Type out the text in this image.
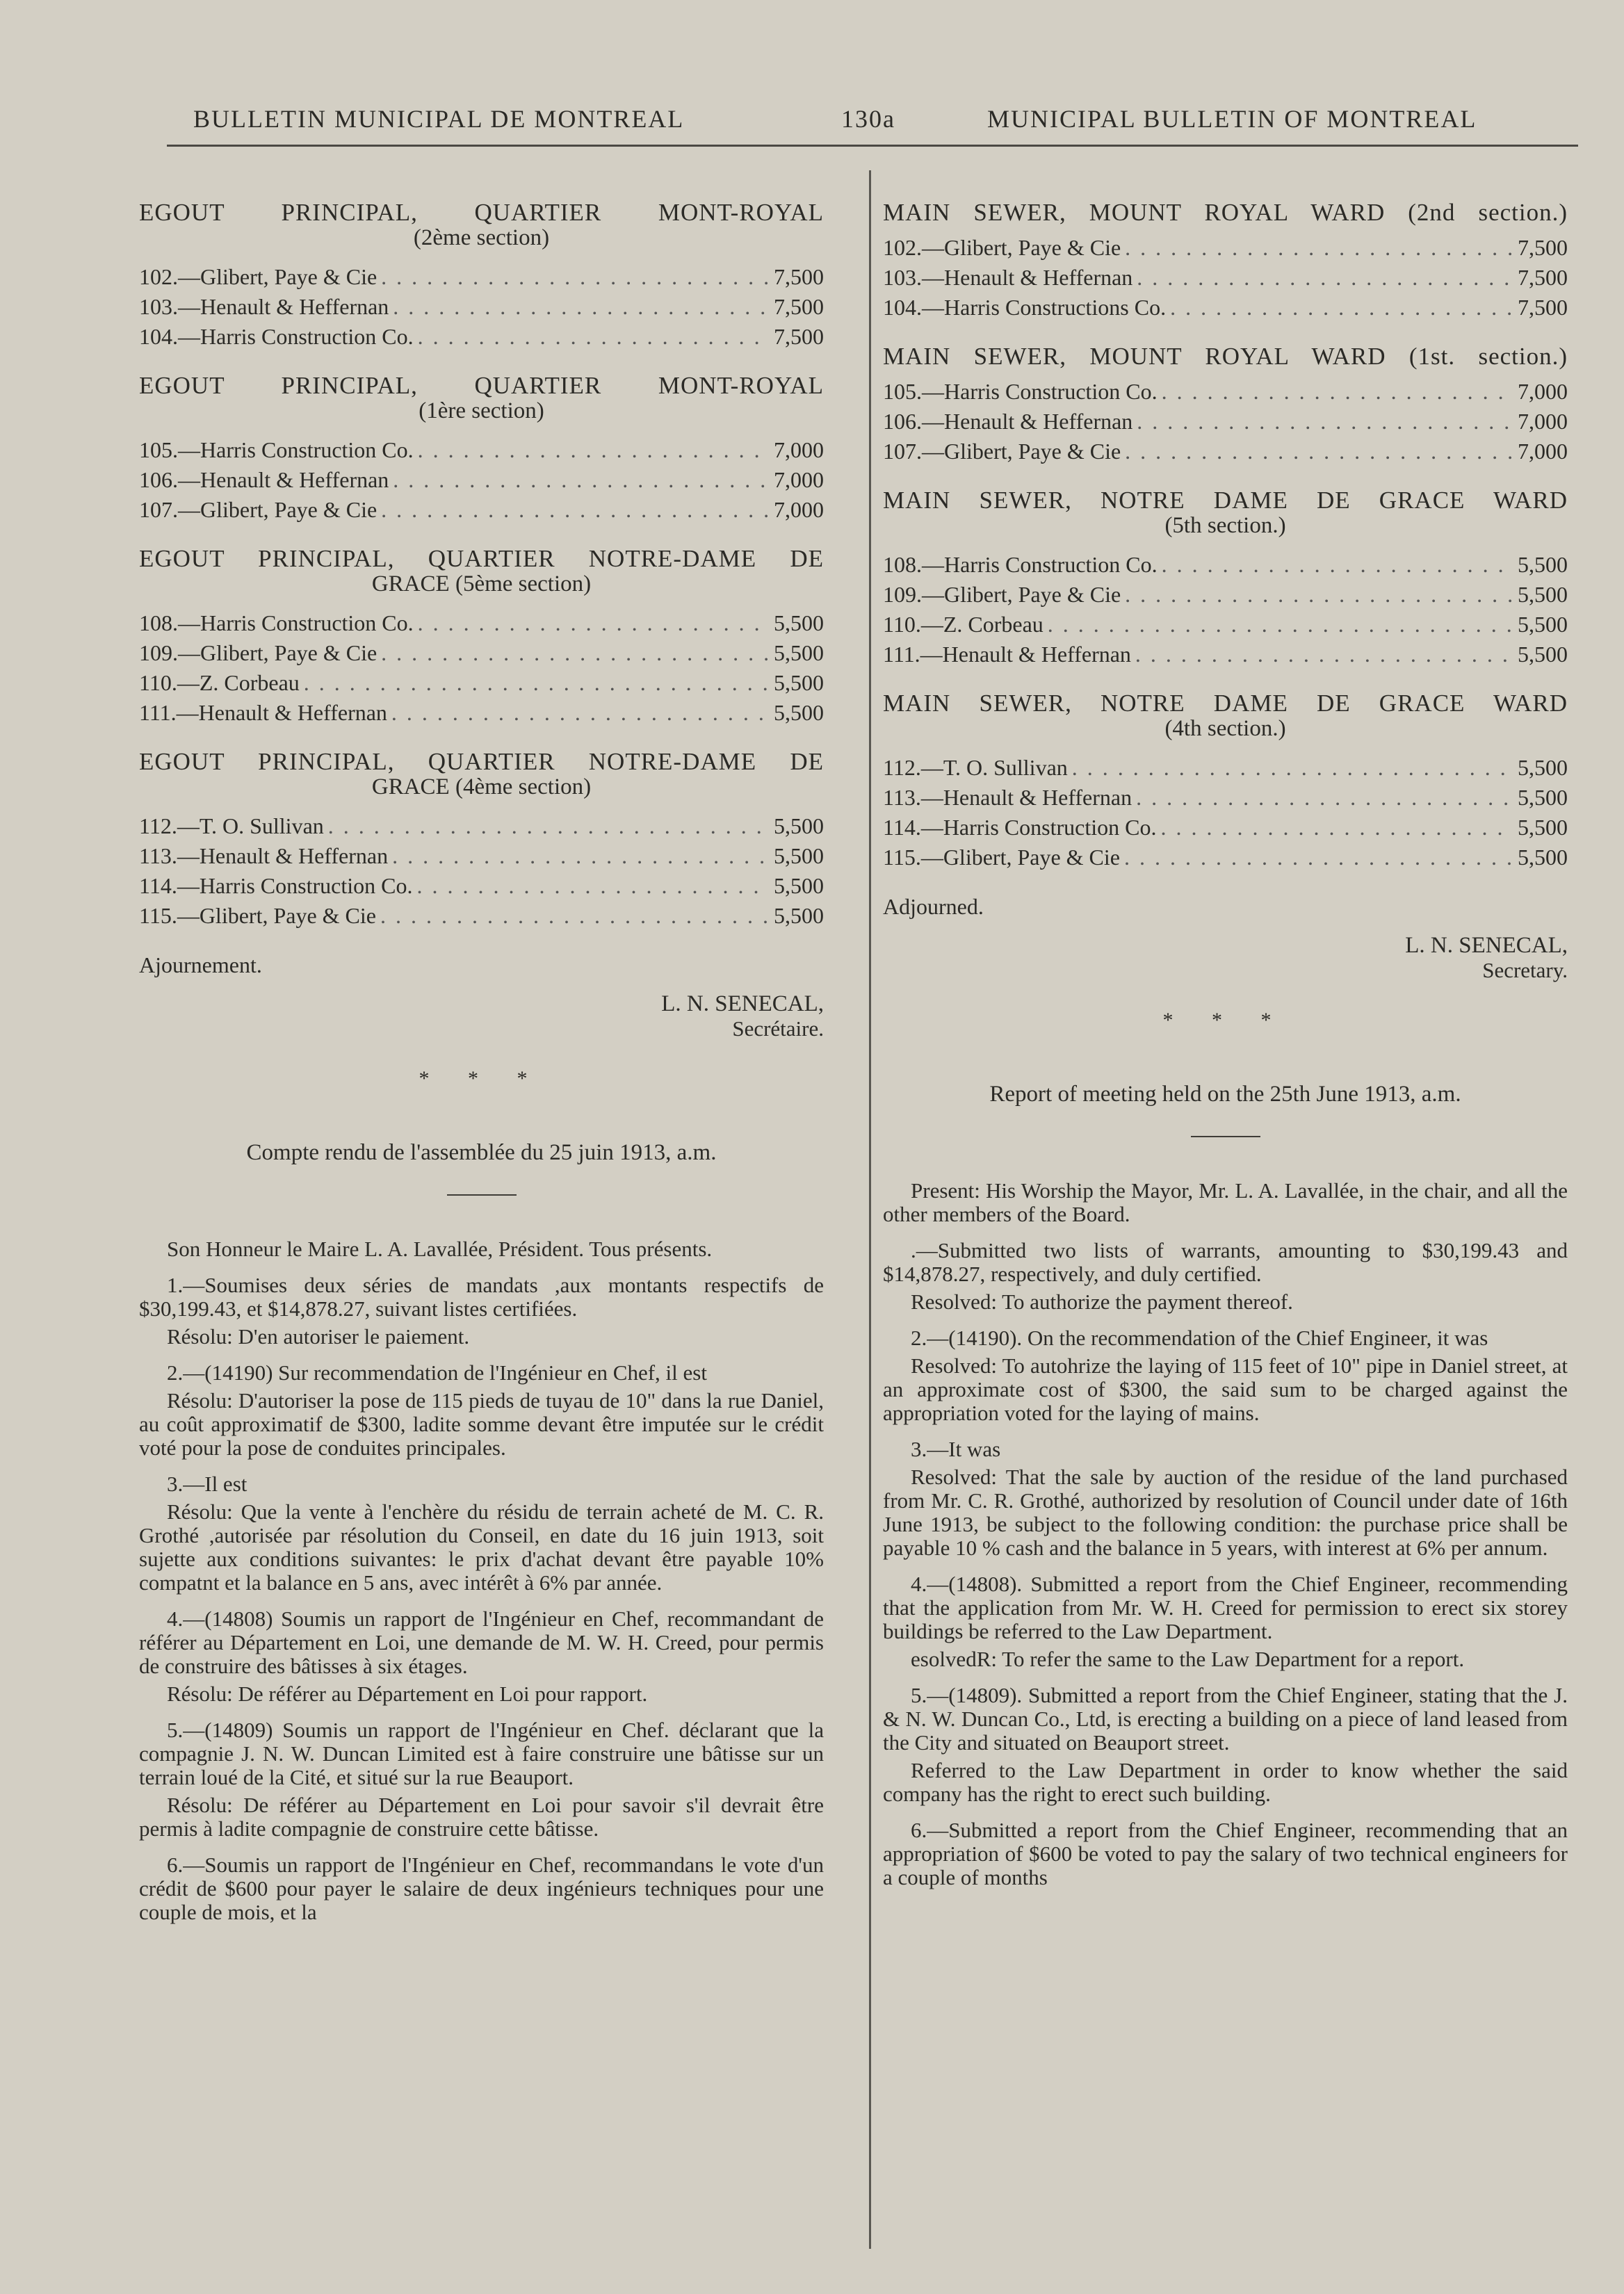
BULLETIN MUNICIPAL DE MONTREAL	130a	MUNICIPAL BULLETIN OF MONTREAL
EGOUT PRINCIPAL, QUARTIER MONT-ROYAL
(2ème section)
102.—Glibert, Paye & Cie . . .	7,500
103.—Henault & Heffernan . . .	7,500
104.—Harris Construction Co. . . .	7,500
EGOUT PRINCIPAL, QUARTIER MONT-ROYAL
(1ère section)
105.—Harris Construction Co. . . .	7,000
106.—Henault & Heffernan . . .	7,000
107.—Glibert, Paye & Cie . . .	7,000
EGOUT PRINCIPAL, QUARTIER NOTRE-DAME DE
GRACE (5ème section)
108.—Harris Construction Co. . . .	5,500
109.—Glibert, Paye & Cie . . .	5,500
110.—Z. Corbeau . . .	5,500
111.—Henault & Heffernan . . .	5,500
EGOUT PRINCIPAL, QUARTIER NOTRE-DAME DE
GRACE (4ème section)
112.—T. O. Sullivan . . .	5,500
113.—Henault & Heffernan . . .	5,500
114.—Harris Construction Co. . . .	5,500
115.—Glibert, Paye & Cie . . .	5,500
Ajournement.
L. N. SENECAL,
Secrétaire.
* * *
Compte rendu de l'assemblée du 25 juin 1913, a.m.

Son Honneur le Maire L. A. Lavallée, Président. Tous présents.

1.—Soumises deux séries de mandats ,aux montants respectifs de $30,199.43, et $14,878.27, suivant listes certifiées.

Résolu: D'en autoriser le paiement.

2.—(14190) Sur recommendation de l'Ingénieur en Chef, il est

Résolu: D'autoriser la pose de 115 pieds de tuyau de 10" dans la rue Daniel, au coût approximatif de $300, ladite somme devant être imputée sur le crédit voté pour la pose de conduites principales.

3.—Il est

Résolu: Que la vente à l'enchère du résidu de terrain acheté de M. C. R. Grothé ,autorisée par résolution du Conseil, en date du 16 juin 1913, soit sujette aux conditions suivantes: le prix d'achat devant être payable 10% compatnt et la balance en 5 ans, avec intérêt à 6% par année.

4.—(14808) Soumis un rapport de l'Ingénieur en Chef, recommandant de référer au Département en Loi, une demande de M. W. H. Creed, pour permis de construire des bâtisses à six étages.

Résolu: De référer au Département en Loi pour rapport.

5.—(14809) Soumis un rapport de l'Ingénieur en Chef. déclarant que la compagnie J. N. W. Duncan Limited est à faire construire une bâtisse sur un terrain loué de la Cité, et situé sur la rue Beauport.

Résolu: De référer au Département en Loi pour savoir s'il devrait être permis à ladite compagnie de construire cette bâtisse.

6.—Soumis un rapport de l'Ingénieur en Chef, recommandans le vote d'un crédit de $600 pour payer le salaire de deux ingénieurs techniques pour une couple de mois, et la

MAIN SEWER, MOUNT ROYAL WARD (2nd section.)
102.—Glibert, Paye & Cie . . .	7,500
103.—Henault & Heffernan . . .	7,500
104.—Harris Constructions Co. . . .	7,500
MAIN SEWER, MOUNT ROYAL WARD (1st. section.)
105.—Harris Construction Co. . . .	7,000
106.—Henault & Heffernan . . .	7,000
107.—Glibert, Paye & Cie . . .	7,000
MAIN SEWER, NOTRE DAME DE GRACE WARD
(5th section.)
108.—Harris Construction Co. . . .	5,500
109.—Glibert, Paye & Cie . . .	5,500
110.—Z. Corbeau . . .	5,500
111.—Henault & Heffernan . . .	5,500
MAIN SEWER, NOTRE DAME DE GRACE WARD
(4th section.)
112.—T. O. Sullivan . . .	5,500
113.—Henault & Heffernan . . .	5,500
114.—Harris Construction Co. . . .	5,500
115.—Glibert, Paye & Cie . . .	5,500
Adjourned.
L. N. SENECAL,
Secretary.
* * *
Report of meeting held on the 25th June 1913, a.m.

Present: His Worship the Mayor, Mr. L. A. Lavallée, in the chair, and all the other members of the Board.

.—Submitted two lists of warrants, amounting to $30,199.43 and $14,878.27, respectively, and duly certified.

Resolved: To authorize the payment thereof.

2.—(14190). On the recommendation of the Chief Engineer, it was

Resolved: To autohrize the laying of 115 feet of 10" pipe in Daniel street, at an approximate cost of $300, the said sum to be charged against the appropriation voted for the laying of mains.

3.—It was

Resolved: That the sale by auction of the residue of the land purchased from Mr. C. R. Grothé, authorized by resolution of Council under date of 16th June 1913, be subject to the following condition: the purchase price shall be payable 10 % cash and the balance in 5 years, with interest at 6% per annum.

4.—(14808). Submitted a report from the Chief Engineer, recommending that the application from Mr. W. H. Creed for permission to erect six storey buildings be referred to the Law Department.

esolvedR: To refer the same to the Law Department for a report.

5.—(14809). Submitted a report from the Chief Engineer, stating that the J. & N. W. Duncan Co., Ltd, is erecting a building on a piece of land leased from the City and situated on Beauport street.

Referred to the Law Department in order to know whether the said company has the right to erect such building.

6.—Submitted a report from the Chief Engineer, recommending that an appropriation of $600 be voted to pay the salary of two technical engineers for a couple of months
